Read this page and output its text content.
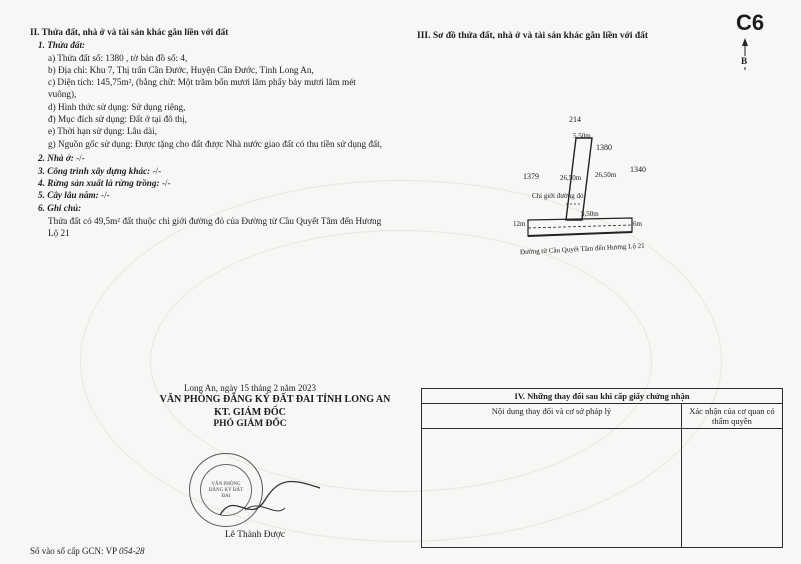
II. Thửa đất, nhà ở và tài sản khác gắn liền với đất
1. Thửa đất:
a) Thửa đất số: 1380 , tờ bản đồ số: 4,
b) Địa chỉ: Khu 7, Thị trấn Cần Đước, Huyện Cần Đước, Tỉnh Long An,
c) Diện tích: 145,75m², (bằng chữ: Một trăm bốn mươi lăm phẩy bảy mươi lăm mét
vuông),
d) Hình thức sử dụng: Sử dụng riêng,
đ) Mục đích sử dụng: Đất ở tại đô thị,
e) Thời hạn sử dụng: Lâu dài,
g) Nguồn gốc sử dụng: Được tặng cho đất được Nhà nước giao đất có thu tiền sử dụng đất,
2. Nhà ở: -/-
3. Công trình xây dựng khác: -/-
4. Rừng sản xuất là rừng trồng: -/-
5. Cây lâu năm: -/-
6. Ghi chú:
Thửa đất có 49,5m² đất thuộc chỉ giới đường đỏ của Đường từ Cầu Quyết Tâm đến Hương
Lộ 21
III. Sơ đồ thửa đất, nhà ở và tài sản khác gắn liền với đất
C6
B
214
5,50m
1380
1379
1340
26,50m 26,50m
Chỉ giới đường đỏ
5,50m
12m	6m
Đường từ Cầu Quyết Tâm đến Hương Lộ 21
Long An, ngày 15 tháng 2 năm 2023
VĂN PHÒNG ĐĂNG KÝ ĐẤT ĐAI TỈNH LONG AN
KT. GIÁM ĐỐC
PHÓ GIÁM ĐỐC
VĂN PHÒNG ĐĂNG KÝ ĐẤT ĐAI
Lê Thành Được
Số vào sổ cấp GCN: VP 054-28
IV. Những thay đổi sau khi cấp giấy chứng nhận	
Nội dung thay đổi và cơ sở pháp lý	Xác nhận của cơ quan có thẩm quyền
